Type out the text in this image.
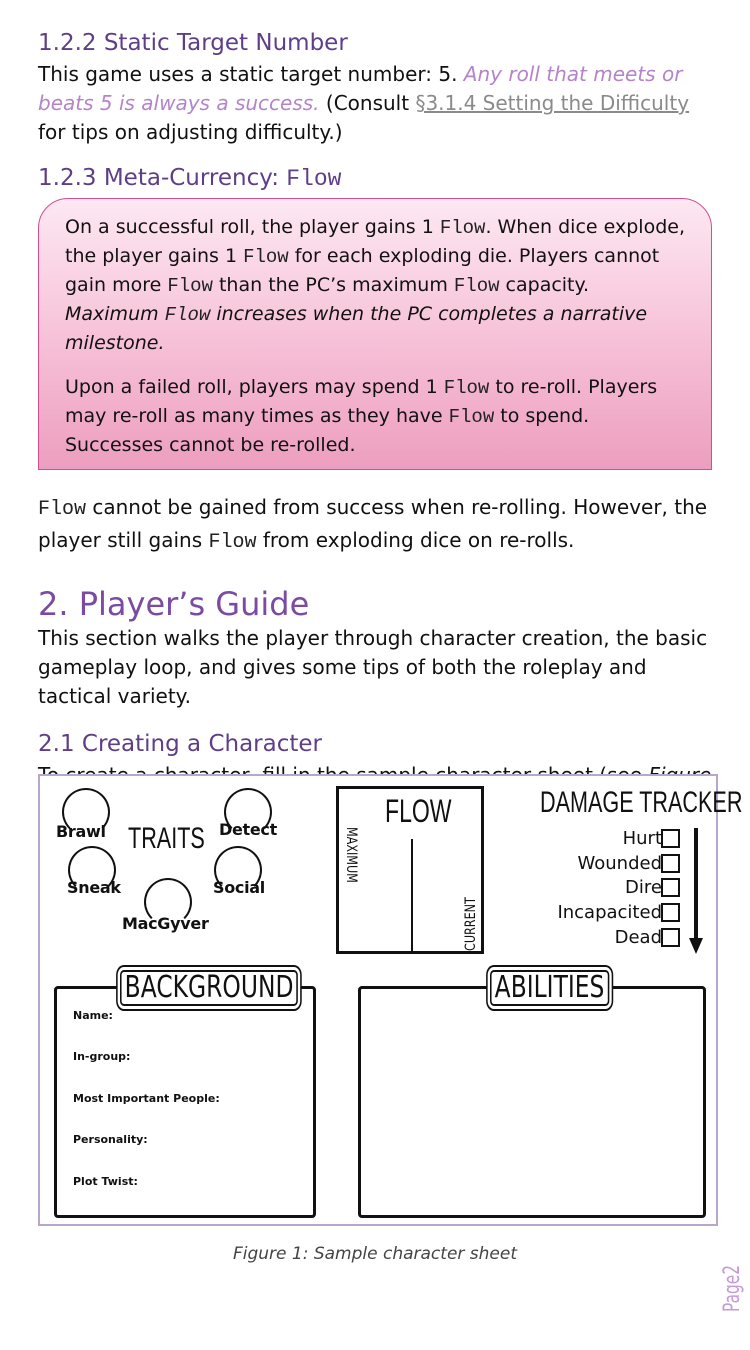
1.2.2 Static Target Number

This game uses a static target number: 5. Any roll that meets or beats 5 is always a success. (Consult §3.1.4 Setting the Difficulty for tips on adjusting difficulty.)

1.2.3 Meta-Currency: Flow

On a successful roll, the player gains 1 Flow. When dice explode, the player gains 1 Flow for each exploding die. Players cannot gain more Flow than the PC’s maximum Flow capacity. Maximum Flow increases when the PC completes a narrative milestone.

Upon a failed roll, players may spend 1 Flow to re-roll. Players may re-roll as many times as they have Flow to spend. Successes cannot be re-rolled.

Flow cannot be gained from success when re-rolling. However, the player still gains Flow from exploding dice on re-rolls.

2. Player’s Guide

This section walks the player through character creation, the basic gameplay loop, and gives some tips of both the roleplay and tactical variety.

2.1 Creating a Character

Brawl	Detect
Sneak	Social
MacGyver
TRAITS
FLOW
MAXIMUM
CURRENT
DAMAGE TRACKER
Hurt
Wounded
Dire
Incapacited
Dead
Name:
In-group:
Most Important People:
Personality:
Plot Twist:
BACKGROUND	ABILITIES
Figure 1: Sample character sheet
Page2
